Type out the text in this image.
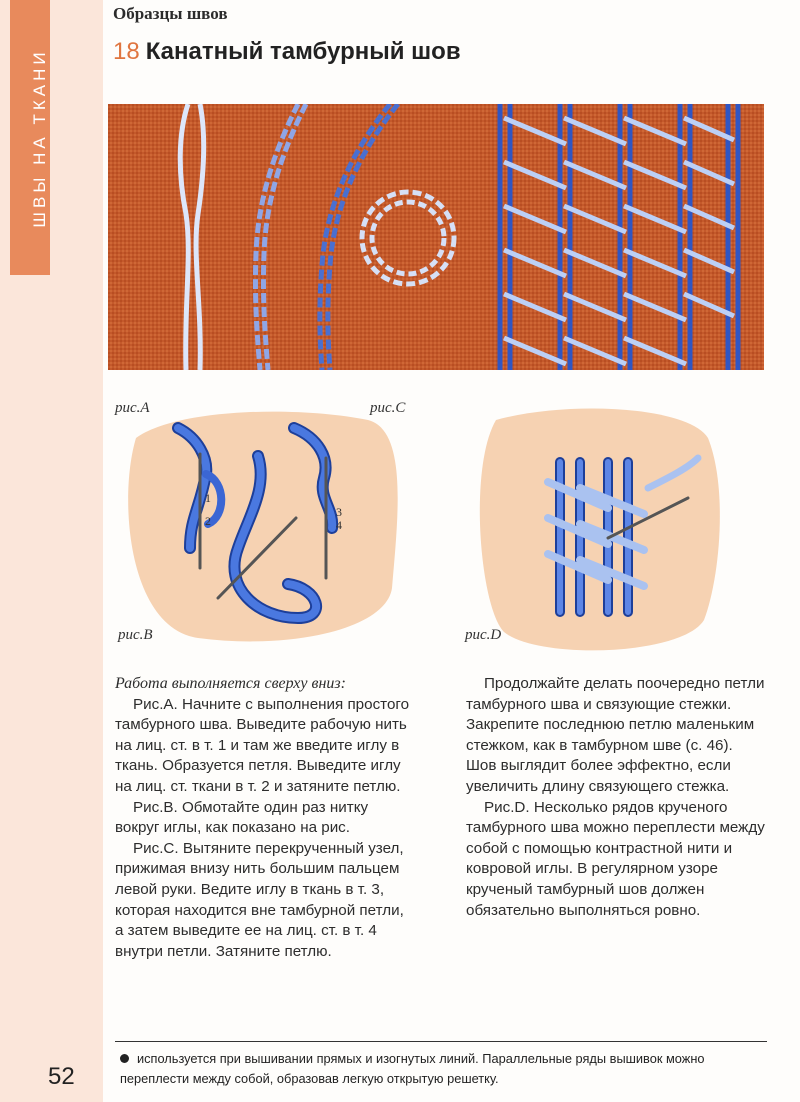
ШВЫ НА ТКАНИ
52
Образцы швов
18 Канатный тамбурный шов
рис.А	рис.С
рис.В	рис.D
1
2
3
4

Работа выполняется сверху вниз:

Рис.А. Начните с выполнения простого тамбурного шва. Выведите рабочую нить на лиц. ст. в т. 1 и там же введите иглу в ткань. Образуется петля. Выведите иглу на лиц. ст. ткани в т. 2 и затяните петлю.

Рис.В. Обмотайте один раз нитку вокруг иглы, как показано на рис.

Рис.С. Вытяните перекрученный узел, прижимая внизу нить большим пальцем левой руки. Ведите иглу в ткань в т. 3, которая находится вне тамбурной петли, а затем выведите ее на лиц. ст. в т. 4 внутри петли. Затяните петлю.

Продолжайте делать поочередно петли тамбурного шва и связующие стежки. Закрепите последнюю петлю маленьким стежком, как в тамбурном шве (с. 46). Шов выглядит более эффектно, если увеличить длину связующего стежка.

Рис.D. Несколько рядов крученого тамбурного шва можно переплести между собой с помощью контрастной нити и ковровой иглы. В регулярном узоре крученый тамбурный шов должен обязательно выполняться ровно.

используется при вышивании прямых и изогнутых линий. Параллельные ряды вышивок можно переплести между собой, образовав легкую открытую решетку.
